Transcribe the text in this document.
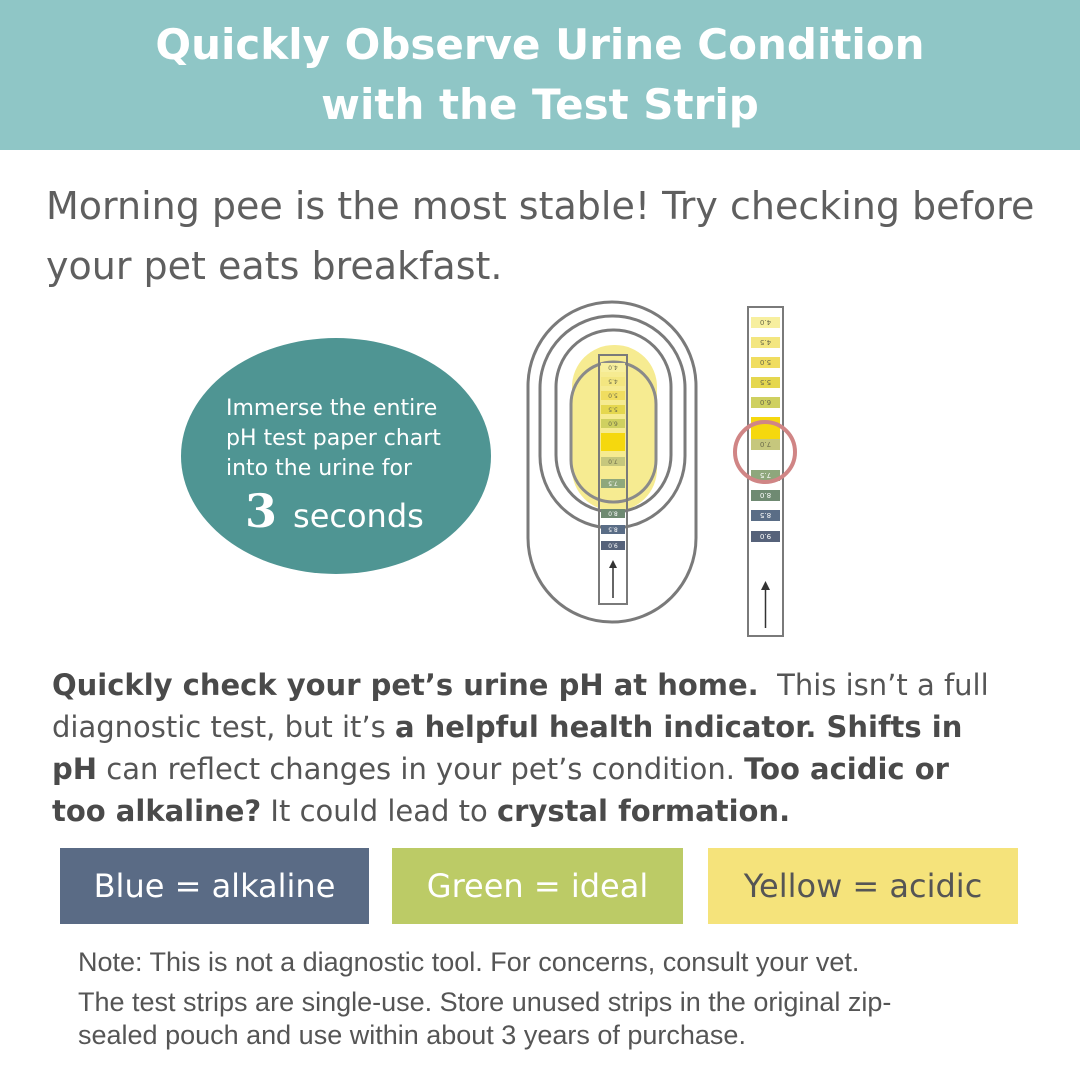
Quickly Observe Urine Condition
with the Test Strip
Morning pee is the most stable! Try checking before
your pet eats breakfast.
Immerse the entire
pH test paper chart
into the urine for
3 seconds
4.0
4.5
5.0
5.5
6.0
7.0
7.5
8.0
8.5
9.0
4.0
4.5
5.0
5.5
6.0
7.0
7.5
8.0
8.5
9.0
Quickly check your pet’s urine pH at home. This isn’t a full
diagnostic test, but it’s a helpful health indicator. Shifts in
pH can reflect changes in your pet’s condition. Too acidic or
too alkaline? It could lead to crystal formation.
Blue = alkaline	Green = ideal	Yellow = acidic
Note: This is not a diagnostic tool. For concerns, consult your vet.
The test strips are single-use. Store unused strips in the original zip-
sealed pouch and use within about 3 years of purchase.
